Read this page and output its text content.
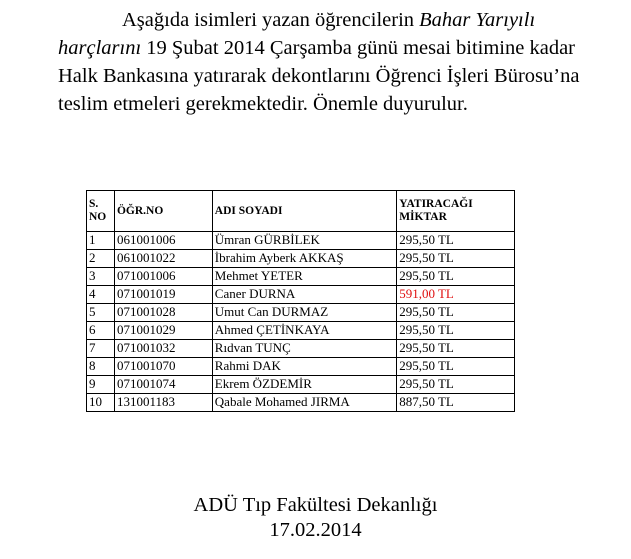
Aşağıda isimleri yazan öğrencilerin Bahar Yarıyılı harçlarını 19 Şubat 2014 Çarşamba günü mesai bitimine kadar Halk Bankasına yatırarak dekontlarını Öğrenci İşleri Bürosu’na teslim etmeleri gerekmektedir. Önemle duyurulur.

S. NO	ÖĞR.NO	ADI SOYADI	YATIRACAĞI MİKTAR
1	061001006	Ümran GÜRBİLEK	295,50 TL
2	061001022	İbrahim Ayberk AKKAŞ	295,50 TL
3	071001006	Mehmet YETER	295,50 TL
4	071001019	Caner DURNA	591,00 TL
5	071001028	Umut Can DURMAZ	295,50 TL
6	071001029	Ahmed ÇETİNKAYA	295,50 TL
7	071001032	Rıdvan TUNÇ	295,50 TL
8	071001070	Rahmi DAK	295,50 TL
9	071001074	Ekrem ÖZDEMİR	295,50 TL
10	131001183	Qabale Mohamed JIRMA	887,50 TL
ADÜ Tıp Fakültesi Dekanlığı
17.02.2014
